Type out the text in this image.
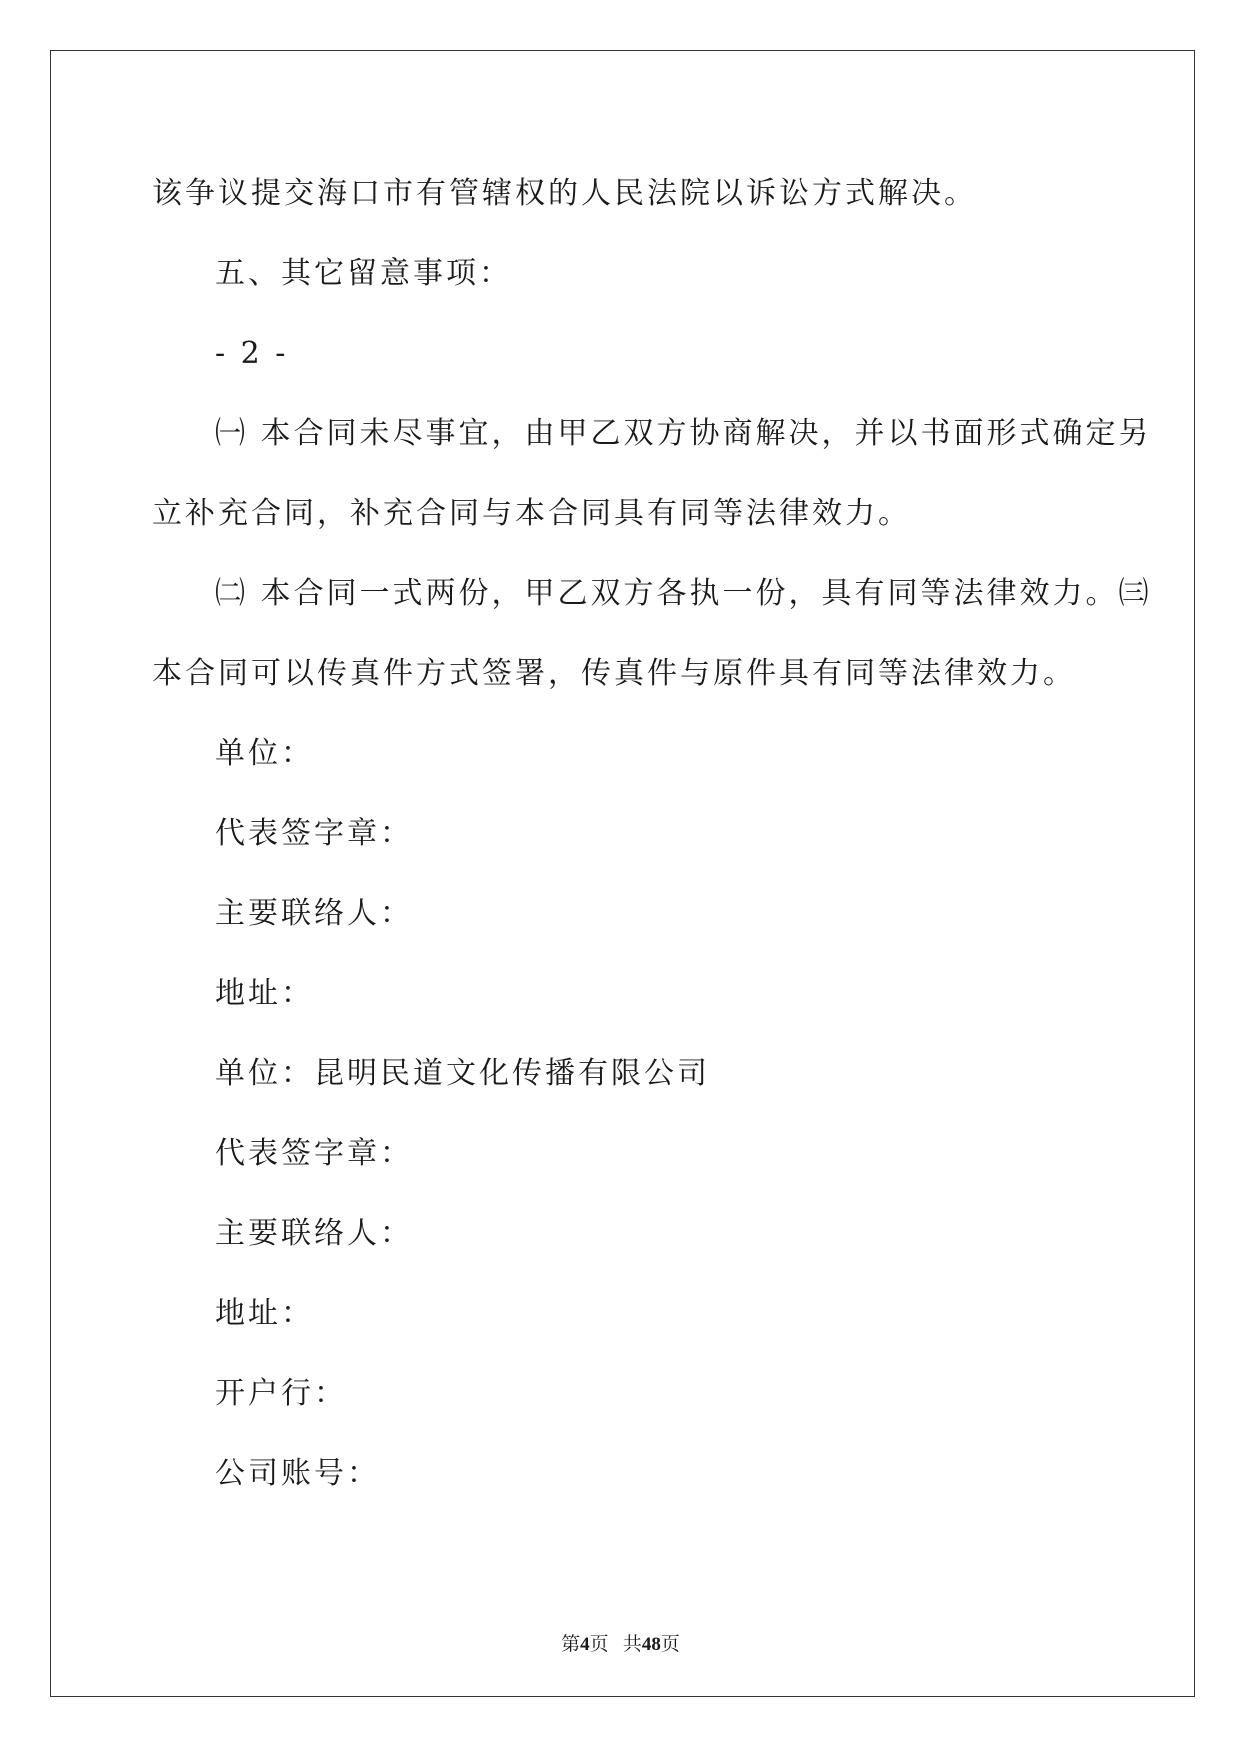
该争议提交海口市有管辖权的人民法院以诉讼方式解决。

五、其它留意事项：

- 2 -

㈠ 本合同未尽事宜，由甲乙双方协商解决，并以书面形式确定另

立补充合同，补充合同与本合同具有同等法律效力。

㈡ 本合同一式两份，甲乙双方各执一份，具有同等法律效力。㈢

本合同可以传真件方式签署，传真件与原件具有同等法律效力。

单位：

代表签字章：

主要联络人：

地址：

单位：昆明民道文化传播有限公司

代表签字章：

主要联络人：

地址：

开户行：

公司账号：

第4页 共48页
